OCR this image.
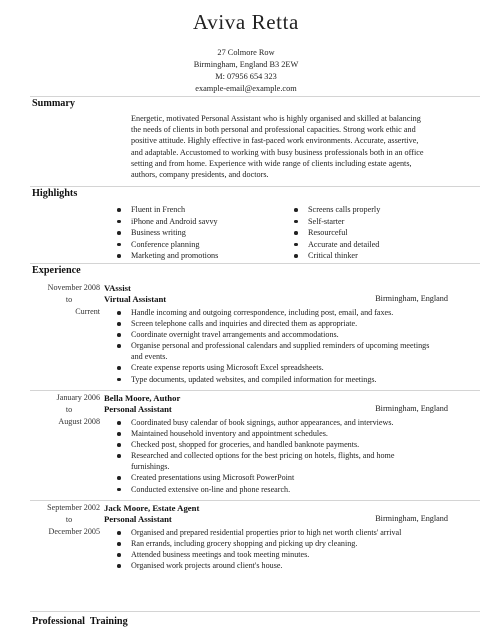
Aviva Retta
27 Colmore Row
Birmingham, England B3 2EW
M: 07956 654 323
example-email@example.com
Summary
Energetic, motivated Personal Assistant who is highly organised and skilled at balancing the needs of clients in both personal and professional capacities. Strong work ethic and positive attitude. Highly effective in fast-paced work environments. Accurate, assertive, and adaptable. Accustomed to working with busy business professionals both in an office setting and from home. Experience with wide range of clients including estate agents, authors, company presidents, and doctors.
Highlights
Fluent in French
iPhone and Android savvy
Business writing
Conference planning
Marketing and promotions
Screens calls properly
Self-starter
Resourceful
Accurate and detailed
Critical thinker
Experience
November 2008
to
Current
VAssist
Virtual Assistant	Birmingham, England
Handle incoming and outgoing correspondence, including post, email, and faxes.
Screen telephone calls and inquiries and directed them as appropriate.
Coordinate overnight travel arrangements and accommodations.
Organise personal and professional calendars and supplied reminders of upcoming meetings and events.
Create expense reports using Microsoft Excel spreadsheets.
Type documents, updated websites, and compiled information for meetings.
January 2006
to
August 2008
Bella Moore, Author
Personal Assistant	Birmingham, England
Coordinated busy calendar of book signings, author appearances, and interviews.
Maintained household inventory and appointment schedules.
Checked post, shopped for groceries, and handled banknote payments.
Researched and collected options for the best pricing on hotels, flights, and home furnishings.
Created presentations using Microsoft PowerPoint
Conducted extensive on-line and phone research.
September 2002
to
December 2005
Jack Moore, Estate Agent
Personal Assistant	Birmingham, England
Organised and prepared residential properties prior to high net worth clients' arrival
Ran errands, including grocery shopping and picking up dry cleaning.
Attended business meetings and took meeting minutes.
Organised work projects around client's house.
Professional  Training
